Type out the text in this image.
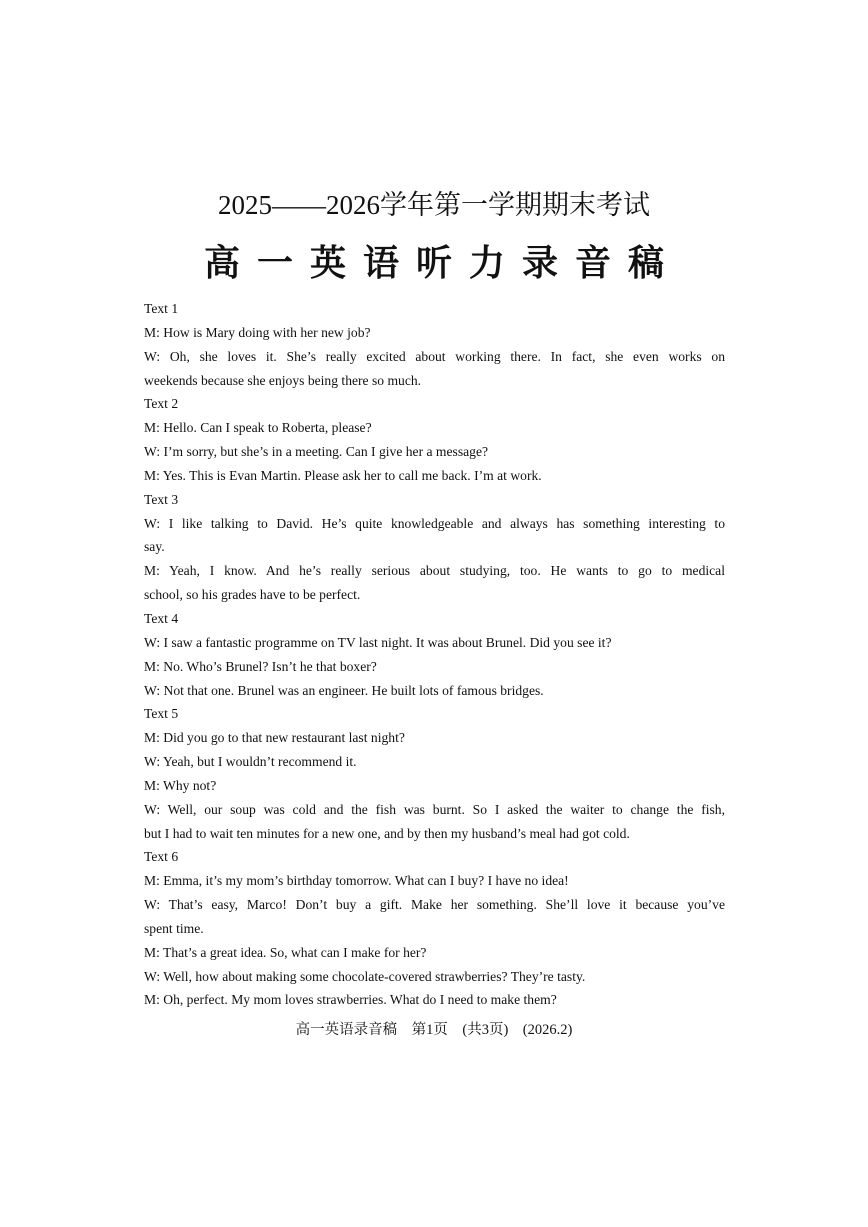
2025——2026学年第一学期期末考试
高一英语听力录音稿
Text 1
M: How is Mary doing with her new job?
W: Oh, she loves it. She’s really excited about working there. In fact, she even works on
weekends because she enjoys being there so much.
Text 2
M: Hello. Can I speak to Roberta, please?
W: I’m sorry, but she’s in a meeting. Can I give her a message?
M: Yes. This is Evan Martin. Please ask her to call me back. I’m at work.
Text 3
W: I like talking to David. He’s quite knowledgeable and always has something interesting to
say.
M: Yeah, I know. And he’s really serious about studying, too. He wants to go to medical
school, so his grades have to be perfect.
Text 4
W: I saw a fantastic programme on TV last night. It was about Brunel. Did you see it?
M: No. Who’s Brunel? Isn’t he that boxer?
W: Not that one. Brunel was an engineer. He built lots of famous bridges.
Text 5
M: Did you go to that new restaurant last night?
W: Yeah, but I wouldn’t recommend it.
M: Why not?
W: Well, our soup was cold and the fish was burnt. So I asked the waiter to change the fish,
but I had to wait ten minutes for a new one, and by then my husband’s meal had got cold.
Text 6
M: Emma, it’s my mom’s birthday tomorrow. What can I buy? I have no idea!
W: That’s easy, Marco! Don’t buy a gift. Make her something. She’ll love it because you’ve
spent time.
M: That’s a great idea. So, what can I make for her?
W: Well, how about making some chocolate-covered strawberries? They’re tasty.
M: Oh, perfect. My mom loves strawberries. What do I need to make them?
高一英语录音稿　第1页　(共3页)　(2026.2)
